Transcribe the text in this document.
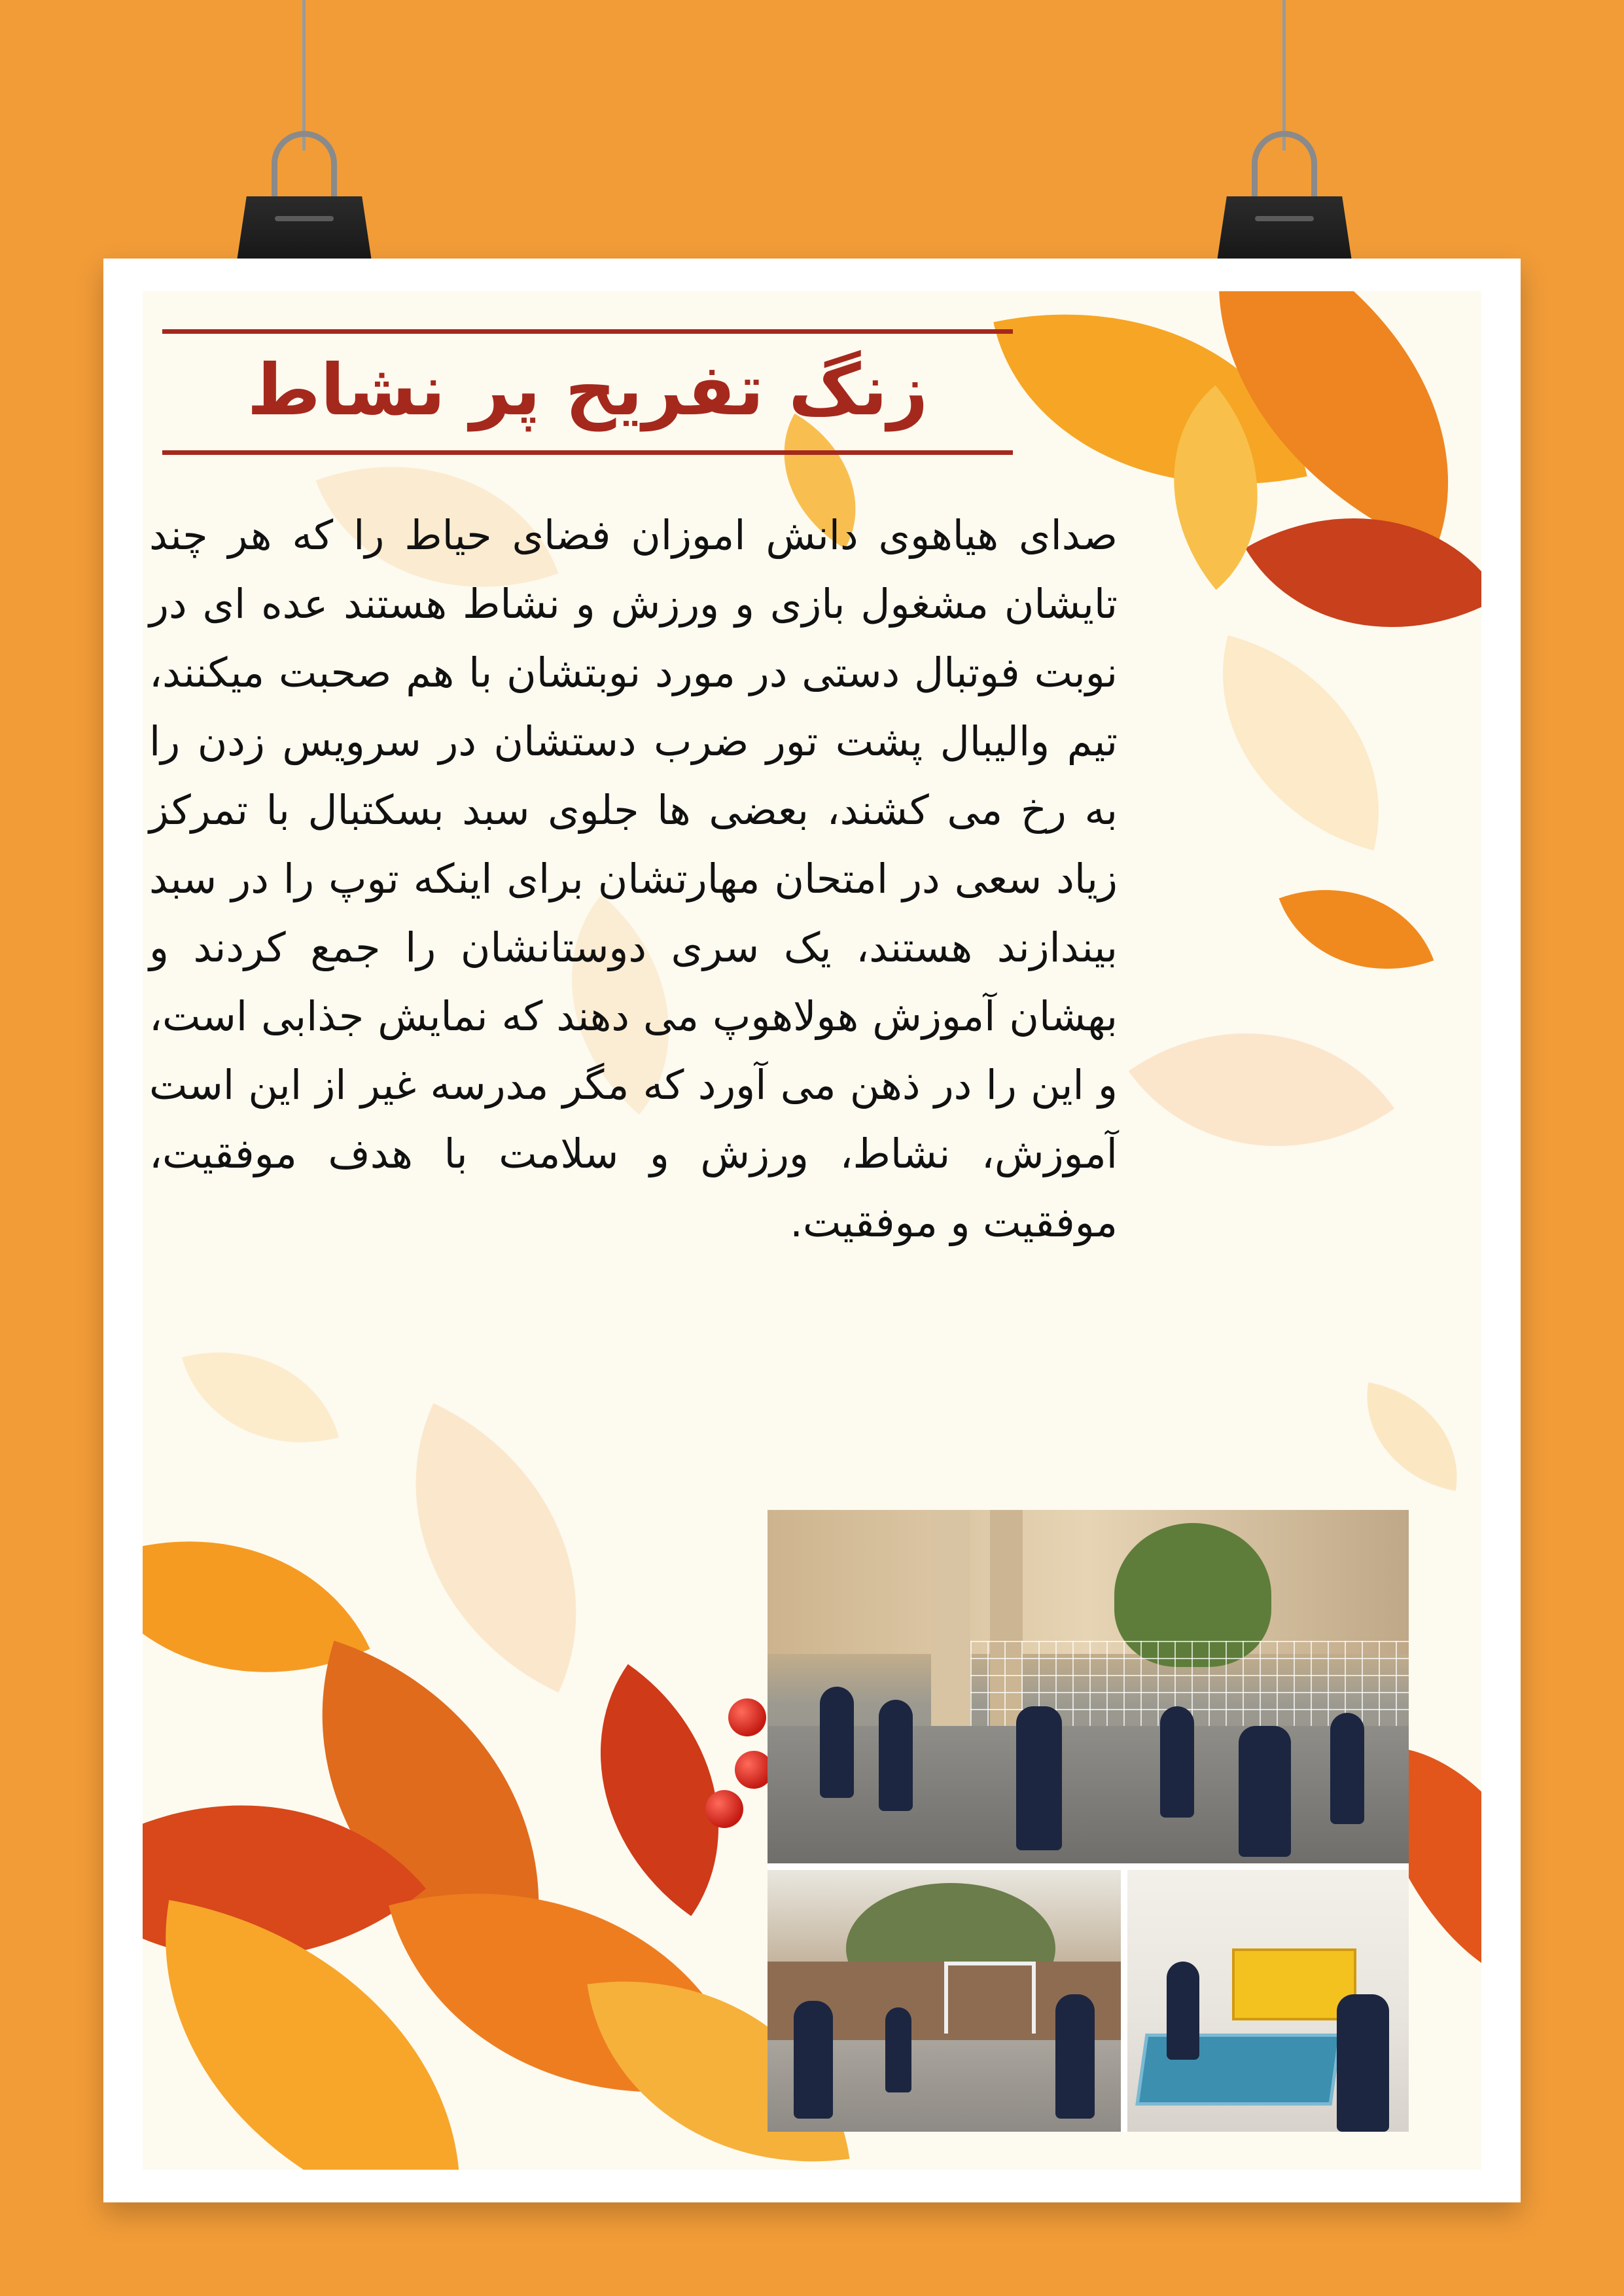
زنگ تفریح پر نشاط

صدای هیاهوی دانش اموزان فضای حیاط را که هر چند تایشان مشغول بازی و ورزش و نشاط هستند عده ای در نوبت فوتبال دستی در مورد نوبتشان با هم صحبت میکنند، تیم والیبال پشت تور ضرب دستشان در سرویس زدن را به رخ می کشند، بعضی ها جلوی سبد بسکتبال با تمرکز زیاد سعی در امتحان مهارتشان برای اینکه توپ را در سبد بیندازند هستند، یک سری دوستانشان را جمع کردند و بهشان آموزش هولاهوپ می دهند که نمایش جذابی است، و این را در ذهن می آورد که مگر مدرسه غیر از این است آموزش، نشاط، ورزش و سلامت با هدف موفقیت، موفقیت و موفقیت.
